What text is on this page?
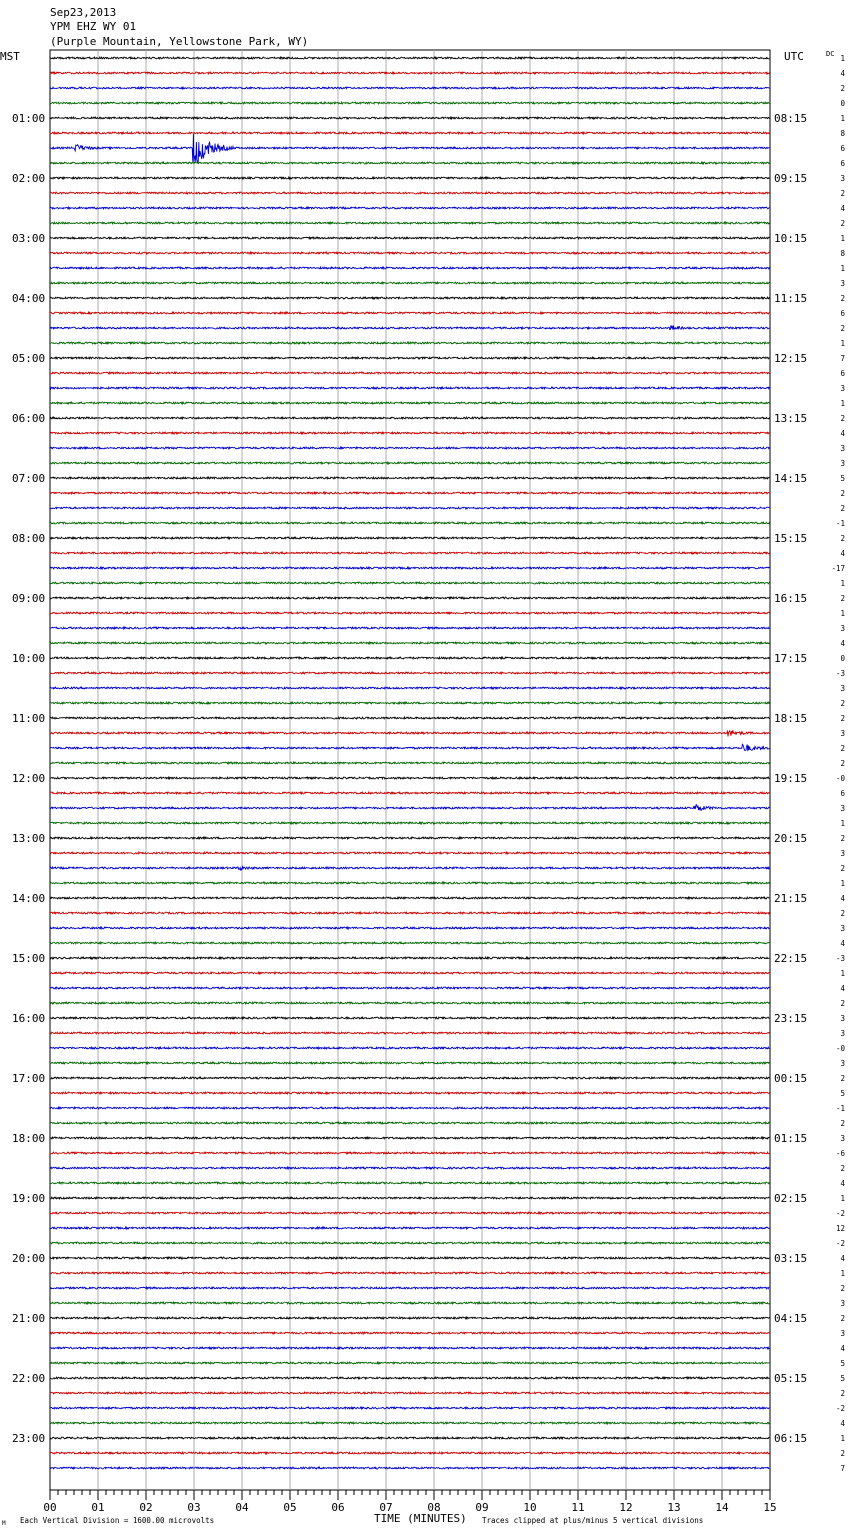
Sep23,2013
YPM EHZ WY 01
(Purple Mountain, Yellowstone Park, WY)
MST	UTC	DC
01:00
02:00
03:00
04:00
05:00
06:00
07:00
08:00
09:00
10:00
11:00
12:00
13:00
14:00
15:00
16:00
17:00
18:00
19:00
20:00
21:00
22:00
23:00
08:15
09:15
10:15
11:15
12:15
13:15
14:15
15:15
16:15
17:15
18:15
19:15
20:15
21:15
22:15
23:15
00:15
01:15
02:15
03:15
04:15
05:15
06:15
1
4
2
0
1
8
6
6
3
2
4
2
1
8
1
3
2
6
2
1
7
6
3
1
2
4
3
3
5
2
2
-1
2
4
-17
1
2
1
3
4
0
-3
3
2
2
3
2
2
-0
6
3
1
2
3
2
1
4
2
3
4
-3
1
4
2
3
3
-0
3
2
5
-1
2
3
-6
2
4
1
-2
12
-2
4
1
2
3
2
3
4
5
5
2
-2
4
1
2
7
00	01	02	03	04	05	06	07	08	09	10	11	12	13	14	15
M Each Vertical Division = 1600.00 microvolts	TIME (MINUTES) Traces clipped at plus/minus 5 vertical divisions
